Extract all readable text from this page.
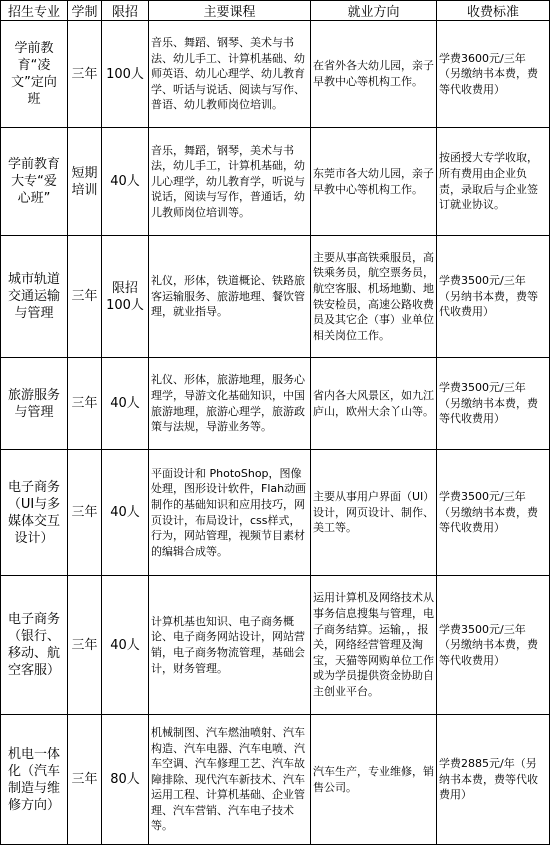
招生专业	学制	限招	主要课程	就业方向	收费标准

学前教育“凌文”定向班	三年	100人	音乐、舞蹈、钢琴、美术与书法、幼儿手工、计算机基础、幼师英语、幼儿心理学、幼儿教育学、听话与说话、阅读与写作、普语、幼儿教师岗位培训。	在省外各大幼儿园，亲子早教中心等机构工作。	学费3600元/三年（另缴纳书本费，费等代收费用）

学前教育大专“爱心班”	短期培训	40人	音乐，舞蹈，钢琴，美术与书法，幼儿手工，计算机基础，幼儿心理学，幼儿教育学，听说与说话，阅读与写作，普通话，幼儿教师岗位培训等。	东莞市各大幼儿园，亲子早教中心等机构工作。	按函授大专学收取，所有费用由企业负责，录取后与企业签订就业协议。

城市轨道交通运输与管理	三年	限招100人	礼仪，形体，铁道概论、铁路旅客运输服务、旅游地理、餐饮管理，就业指导。	主要从事高铁乘服员，高铁乘务员，航空票务员，航空客服、机场地勤、地铁安检员，高速公路收费员及其它企（事）业单位相关岗位工作。	学费3500元/三年（另纳书本费，费等代收费用）

旅游服务与管理	三年	40人	礼仪、形体，旅游地理，服务心理学，导游文化基础知识，中国旅游地理，旅游心理学，旅游政策与法规，导游业务等。	省内各大风景区，如九江庐山，欧州大余丫山等。	学费3500元/三年（另缴纳书本费，费等代收费用）

电子商务（UI与多媒体交互设计）	三年	40人	平面设计和 PhotoShop，图像处理，图形设计软件，Flah动画制作的基础知识和应用技巧，网页设计，布局设计，css样式，行为，网站管理，视频节目素材的编辑合成等。	主要从事用户界面（UI）设计，网页设计、制作、美工等。	学费3500元/三年（另缴纳书本费，费等代收费用）

电子商务（银行、移动、航空客服）	三年	40人	计算机基也知识、电子商务概论、电子商务网站设计，网站营销，电子商务物流管理，基础会计，财务管理。	运用计算机及网络技术从事务信息搜集与管理，电子商务结算。运输，，报关，网络经营管理及淘宝，天猫等网购单位工作或为学员提供资金协助自主创业平台。	学费3500元/三年（另缴纳书本费，费等代收费用）

机电一体化（汽车制造与维修方向）	三年	80人	机械制图、汽车燃油喷射、汽车构造、汽车电器、汽车电喷、汽车空调、汽车修理工艺、汽车故障排除、现代汽车新技术、汽车运用工程、计算机基础、企业管理、汽车营销、汽车电子技术等。	汽车生产，专业维修，销售公司。	学费2885元/年（另纳书本费，费等代收费用）
